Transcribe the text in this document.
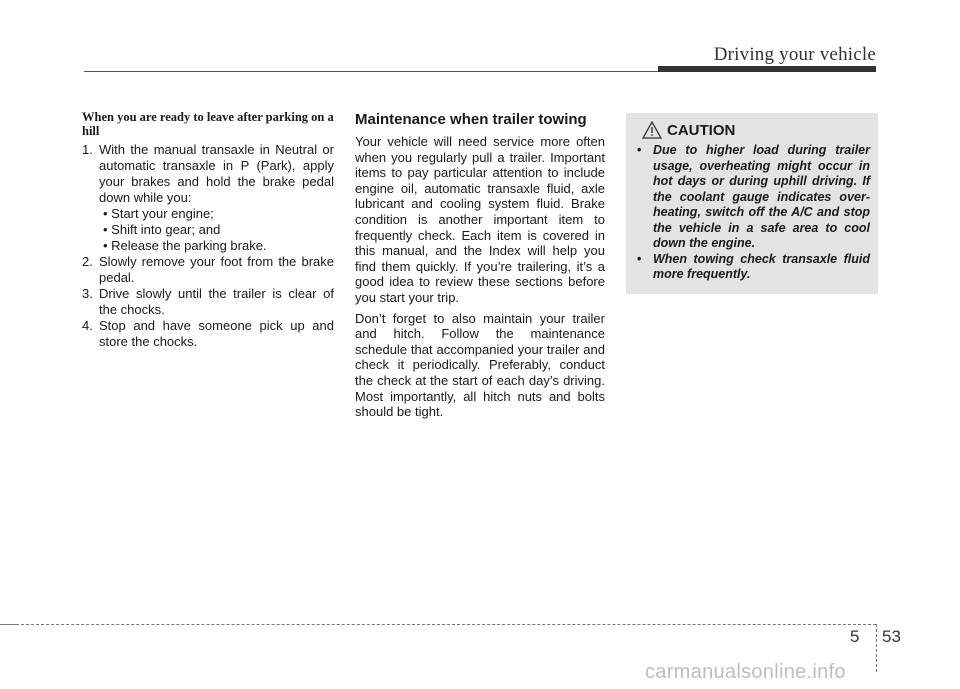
Driving your vehicle
When you are ready to leave after parking on a hill
1. With the manual transaxle in Neutral or automatic transaxle in P (Park), apply your brakes and hold the brake pedal down while you:
• Start your engine;
• Shift into gear; and
• Release the parking brake.
2. Slowly remove your foot from the brake pedal.
3. Drive slowly until the trailer is clear of the chocks.
4. Stop and have someone pick up and store the chocks.
Maintenance when trailer towing

Your vehicle will need service more often when you regularly pull a trailer. Important items to pay particular attention to include engine oil, automatic transaxle fluid, axle lubricant and cooling system fluid. Brake condition is another important item to frequently check. Each item is covered in this manual, and the Index will help you find them quickly. If you’re trailering, it’s a good idea to review these sections before you start your trip.

Don’t forget to also maintain your trailer and hitch. Follow the maintenance schedule that accompanied your trailer and check it periodically. Preferably, conduct the check at the start of each day’s driving. Most importantly, all hitch nuts and bolts should be tight.

CAUTION
• Due to higher load during trailer usage, overheating might occur in hot days or during uphill driving. If the coolant gauge indicates over-heating, switch off the A/C and stop the vehicle in a safe area to cool down the engine.
• When towing check transaxle fluid more frequently.
5 53
carmanualsonline.info
